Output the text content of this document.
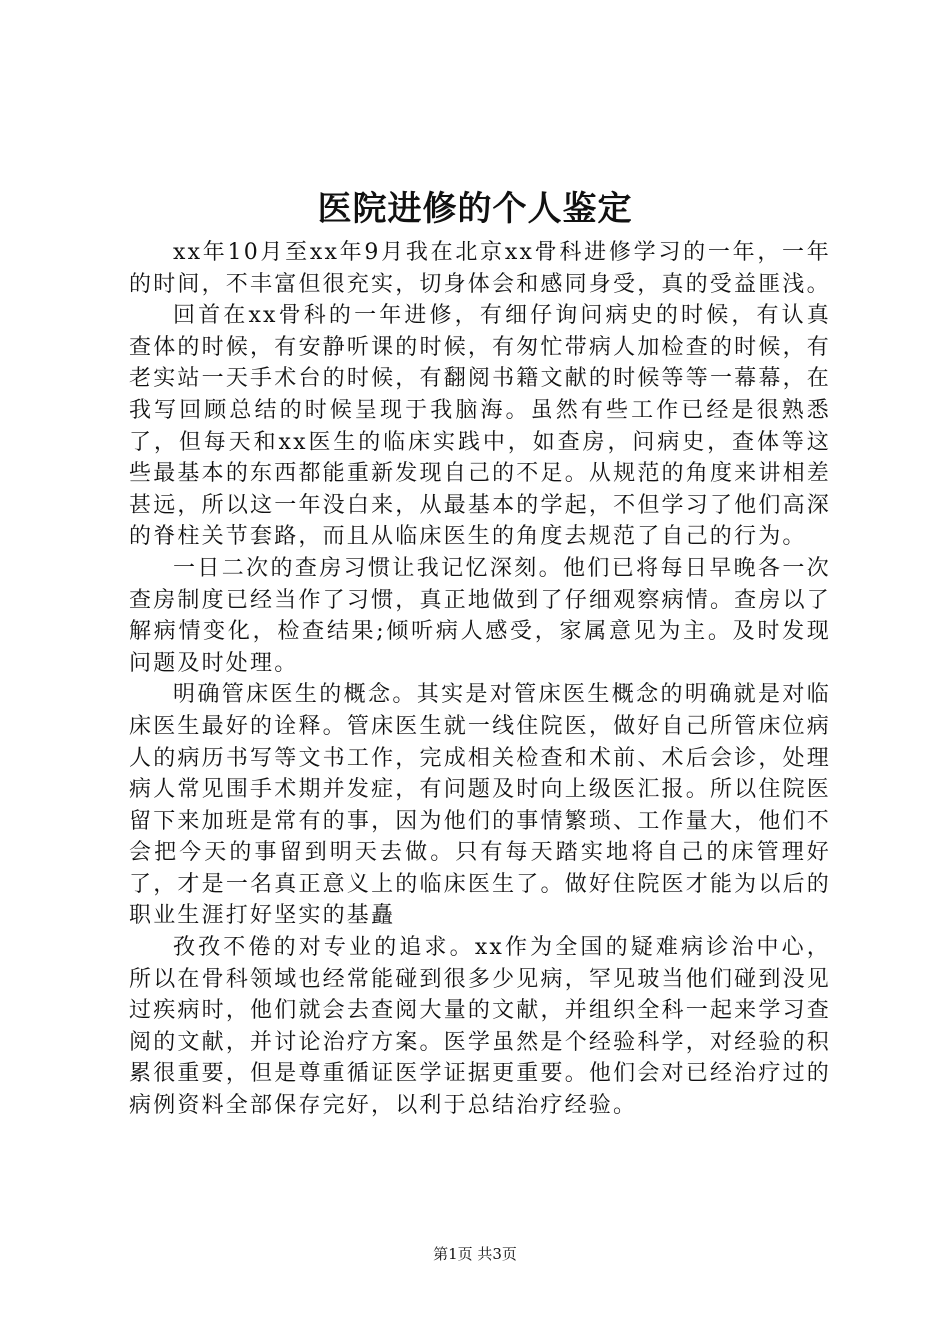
医院进修的个人鉴定

xx年10月至xx年9月我在北京xx骨科进修学习的一年，一年的时间，不丰富但很充实，切身体会和感同身受，真的受益匪浅。

回首在xx骨科的一年进修，有细仔询问病史的时候，有认真查体的时候，有安静听课的时候，有匆忙带病人加检查的时候，有老实站一天手术台的时候，有翻阅书籍文献的时候等等一幕幕，在我写回顾总结的时候呈现于我脑海。虽然有些工作已经是很熟悉了，但每天和xx医生的临床实践中，如查房，问病史，查体等这些最基本的东西都能重新发现自己的不足。从规范的角度来讲相差甚远，所以这一年没白来，从最基本的学起，不但学习了他们高深的脊柱关节套路，而且从临床医生的角度去规范了自己的行为。

一日二次的查房习惯让我记忆深刻。他们已将每日早晚各一次查房制度已经当作了习惯，真正地做到了仔细观察病情。查房以了解病情变化，检查结果;倾听病人感受，家属意见为主。及时发现问题及时处理。

明确管床医生的概念。其实是对管床医生概念的明确就是对临床医生最好的诠释。管床医生就一线住院医，做好自己所管床位病人的病历书写等文书工作，完成相关检查和术前、术后会诊，处理病人常见围手术期并发症，有问题及时向上级医汇报。所以住院医留下来加班是常有的事，因为他们的事情繁琐、工作量大，他们不会把今天的事留到明天去做。只有每天踏实地将自己的床管理好了，才是一名真正意义上的临床医生了。做好住院医才能为以后的职业生涯打好坚实的基矗

孜孜不倦的对专业的追求。xx作为全国的疑难病诊治中心，所以在骨科领域也经常能碰到很多少见病，罕见玻当他们碰到没见过疾病时，他们就会去查阅大量的文献，并组织全科一起来学习查阅的文献，并讨论治疗方案。医学虽然是个经验科学，对经验的积累很重要，但是尊重循证医学证据更重要。他们会对已经治疗过的病例资料全部保存完好，以利于总结治疗经验。

第1页 共3页
